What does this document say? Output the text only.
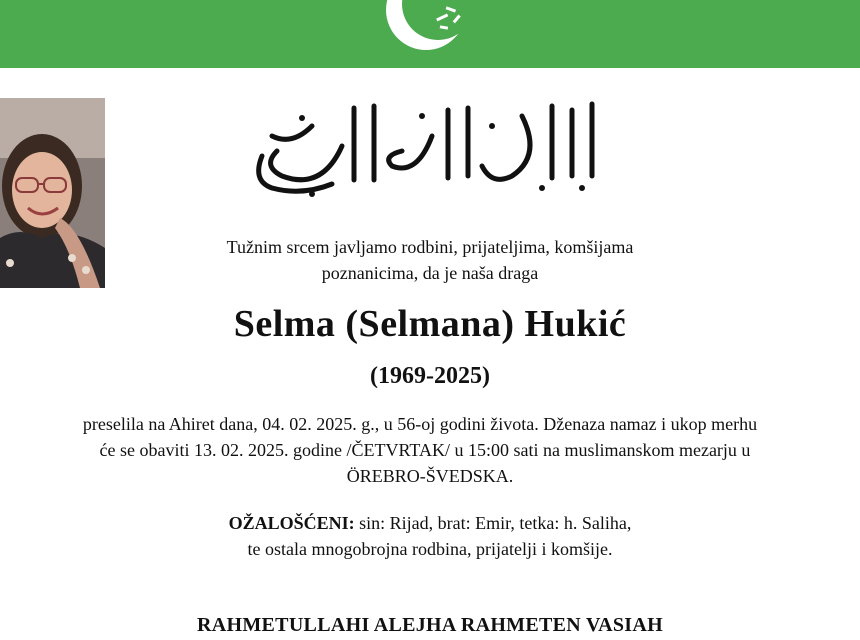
Tužnim srcem javljamo rodbini, prijateljima, komšijama
poznanicima, da je naša draga
Selma (Selmana) Hukić
(1969-2025)
preselila na Ahiret dana, 04. 02. 2025. g., u 56-oj godini života. Dženaza namaz i ukop merhu
će se obaviti 13. 02. 2025. godine /ČETVRTAK/ u 15:00 sati na muslimanskom mezarju u
ÖREBRO-ŠVEDSKA.
OŽALOŠĆENI: sin: Rijad, brat: Emir, tetka: h. Saliha,
te ostala mnogobrojna rodbina, prijatelji i komšije.
RAHMETULLAHI ALEJHA RAHMETEN VASIAH
